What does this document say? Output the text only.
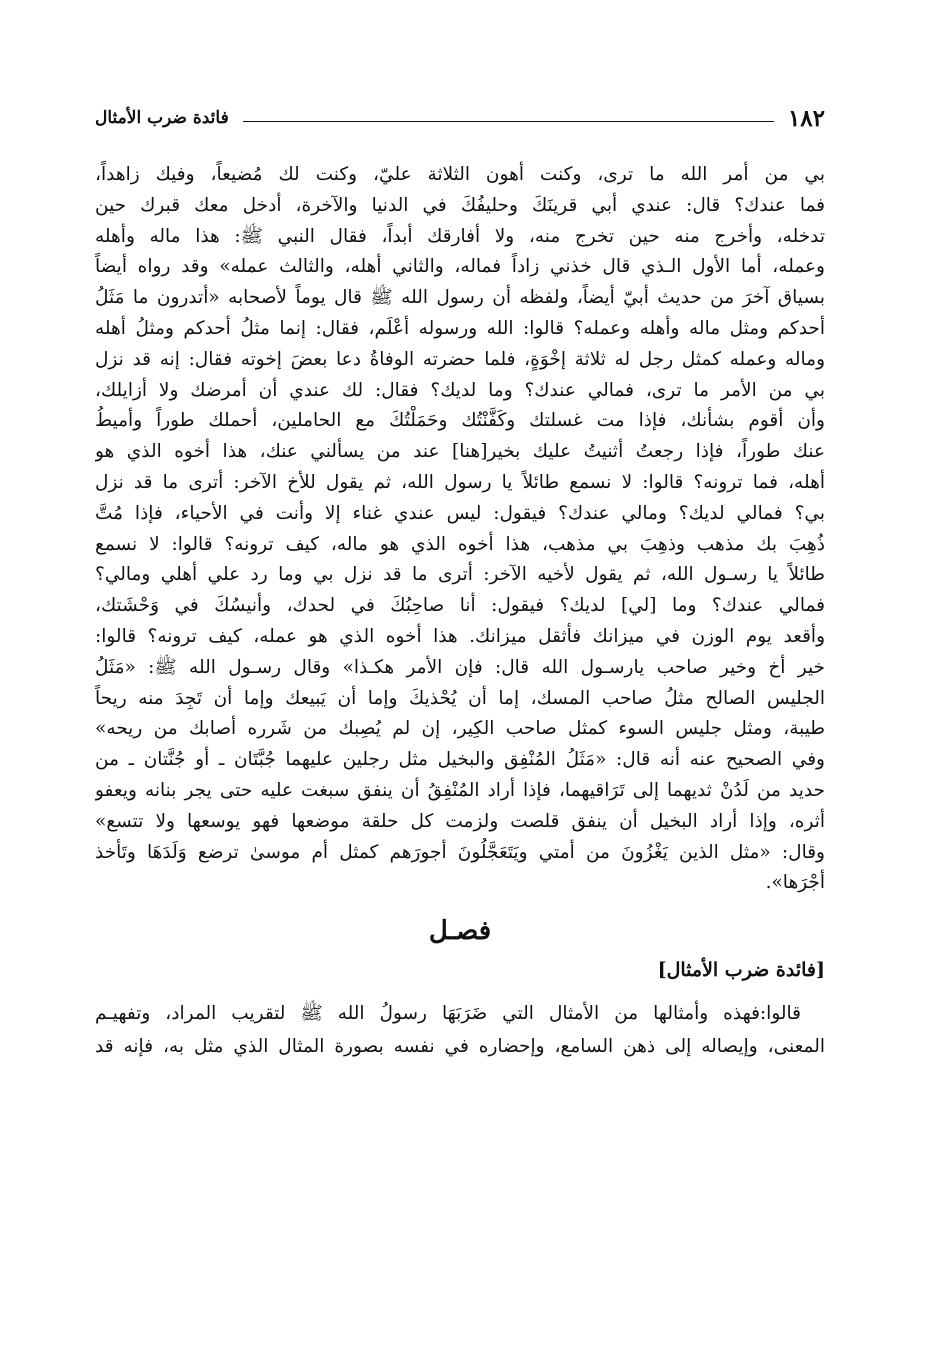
١٨٢
فائدة ضرب الأمثال
بي من أمر الله ما ترى، وكنت أهون الثلاثة عليّ، وكنت لك مُضيعاً، وفيك زاهداً،
فما عندك؟ قال: عندي أبي قرينَكَ وحليفُكَ في الدنيا والآخرة، أدخل معك قبرك حين
تدخله، وأخرج منه حين تخرج منه، ولا أفارقك أبداً، فقال النبي ﷺ: هذا ماله وأهله
وعمله، أما الأول الـذي قال خذني زاداً فماله، والثاني أهله، والثالث عمله» وقد رواه أيضاً
بسياق آخرَ من حديث أبيّ أيضاً، ولفظه أن رسول الله ﷺ قال يوماً لأصحابه «أتدرون ما مَثَلُ
أحدكم ومثل ماله وأهله وعمله؟ قالوا: الله ورسوله أعْلَم، فقال: إنما مثلُ أحدكم ومثلُ أهله
وماله وعمله كمثل رجل له ثلاثة إخْوَةٍ، فلما حضرته الوفاةُ دعا بعضَ إخوته فقال: إنه قد نزل
بي من الأمر ما ترى، فمالي عندك؟ وما لديك؟ فقال: لك عندي أن أمرضك ولا أزايلك،
وأن أقوم بشأنك، فإذا مت غسلتك وكَفَّنْتُك وحَمَلْتُكَ مع الحاملين، أحملك طوراً وأميطُ
عنك طوراً، فإذا رجعتُ أثنيتُ عليك بخير[هنا] عند من يسألني عنك، هذا أخوه الذي هو
أهله، فما ترونه؟ قالوا: لا نسمع طائلاً يا رسول الله، ثم يقول للأخ الآخر: أترى ما قد نزل
بي؟ فمالي لديك؟ ومالي عندك؟ فيقول: ليس عندي غناء إلا وأنت في الأحياء، فإذا مُتَّ
ذُهِبَ بك مذهب وذهِبَ بي مذهب، هذا أخوه الذي هو ماله، كيف ترونه؟ قالوا: لا نسمع
طائلاً يا رسـول الله، ثم يقول لأخيه الآخر: أترى ما قد نزل بي وما رد علي أهلي ومالي؟
فمالي عندك؟ وما [لي] لديك؟ فيقول: أنا صاحِبُكَ في لحدك، وأنيسُكَ في وَحْشَتك،
وأقعد يوم الوزن في ميزانك فأثقل ميزانك. هذا أخوه الذي هو عمله، كيف ترونه؟ قالوا:
خير أخ وخير صاحب يارسـول الله قال: فإن الأمر هكـذا» وقال رسـول الله ﷺ: «مَثَلُ
الجليس الصالح مثلُ صاحب المسك، إما أن يُحْذيكَ وإما أن يَبيعك وإما أن تَجِدَ منه ريحاً
طيبة، ومثل جليس السوء كمثل صاحب الكِير، إن لم يُصِبك من شَرره أصابك من ريحه»
وفي الصحيح عنه أنه قال: «مَثَلُ المُنْفِق والبخيل مثل رجلين عليهما جُبَّتَان ـ أو جُنَّتان ـ من
حديد من لَدُنْ ثديهما إلى تَرَاقيهما، فإذا أراد المُنْفِقُ أن ينفق سبغت عليه حتى يجر بنانه ويعفو
أثره، وإذا أراد البخيل أن ينفق قلصت ولزمت كل حلقة موضعها فهو يوسعها ولا تتسع»
وقال: «مثل الذين يَغْزُونَ من أمتي ويَتَعَجَّلُونَ أجورَهم كمثل أم موسىٰ ترضع وَلَدَهَا وتَأْخذ
أجْرَها».
فصـل
[فائدة ضرب الأمثال]
قالوا:فهذه وأمثالها من الأمثال التي ضَرَبَهَا رسولُ الله ﷺ لتقريب المراد، وتفهيـم
المعنى، وإيصاله إلى ذهن السامع، وإحضاره في نفسه بصورة المثال الذي مثل به، فإنه قد
